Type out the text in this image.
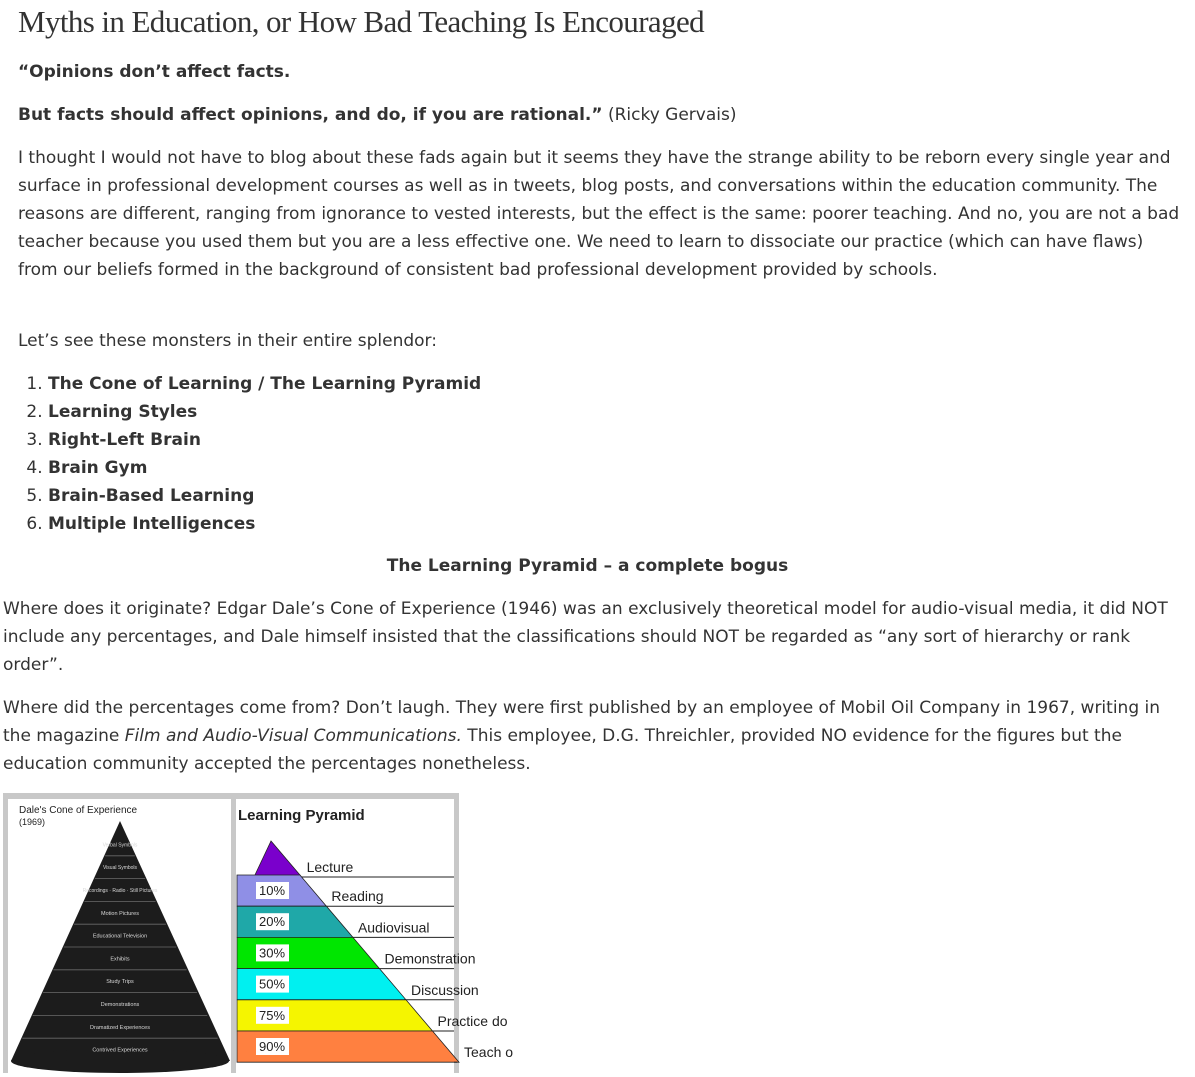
Myths in Education, or How Bad Teaching Is Encouraged

“Opinions don’t affect facts.

But facts should affect opinions, and do, if you are rational.” (Ricky Gervais)

I thought I would not have to blog about these fads again but it seems they have the strange ability to be reborn every single year and surface in professional development courses as well as in tweets, blog posts, and conversations within the education community. The reasons are different, ranging from ignorance to vested interests, but the effect is the same: poorer teaching. And no, you are not a bad teacher because you used them but you are a less effective one. We need to learn to dissociate our practice (which can have flaws) from our beliefs formed in the background of consistent bad professional development provided by schools.

Let’s see these monsters in their entire splendor:

1. The Cone of Learning / The Learning Pyramid
2. Learning Styles
3. Right-Left Brain
4. Brain Gym
5. Brain-Based Learning
6. Multiple Intelligences

The Learning Pyramid – a complete bogus

Where does it originate? Edgar Dale’s Cone of Experience (1946) was an exclusively theoretical model for audio-visual media, it did NOT include any percentages, and Dale himself insisted that the classifications should NOT be regarded as “any sort of hierarchy or rank order”.

Where did the percentages come from? Don’t laugh. They were first published by an employee of Mobil Oil Company in 1967, writing in the magazine Film and Audio-Visual Communications. This employee, D.G. Threichler, provided NO evidence for the figures but the education community accepted the percentages nonetheless.

Dale's Cone of Experience
(1969)
Verbal Symbols
Visual Symbols
Recordings · Radio · Still Pictures
Motion Pictures
Educational Television
Exhibits
Study Trips
Demonstrations
Dramatized Experiences
Contrived Experiences
Learning Pyramid
Lecture
10%	Reading
20%	Audiovisual
30%	Demonstration
50%	Discussion
75%	Practice do
90%	Teach o
